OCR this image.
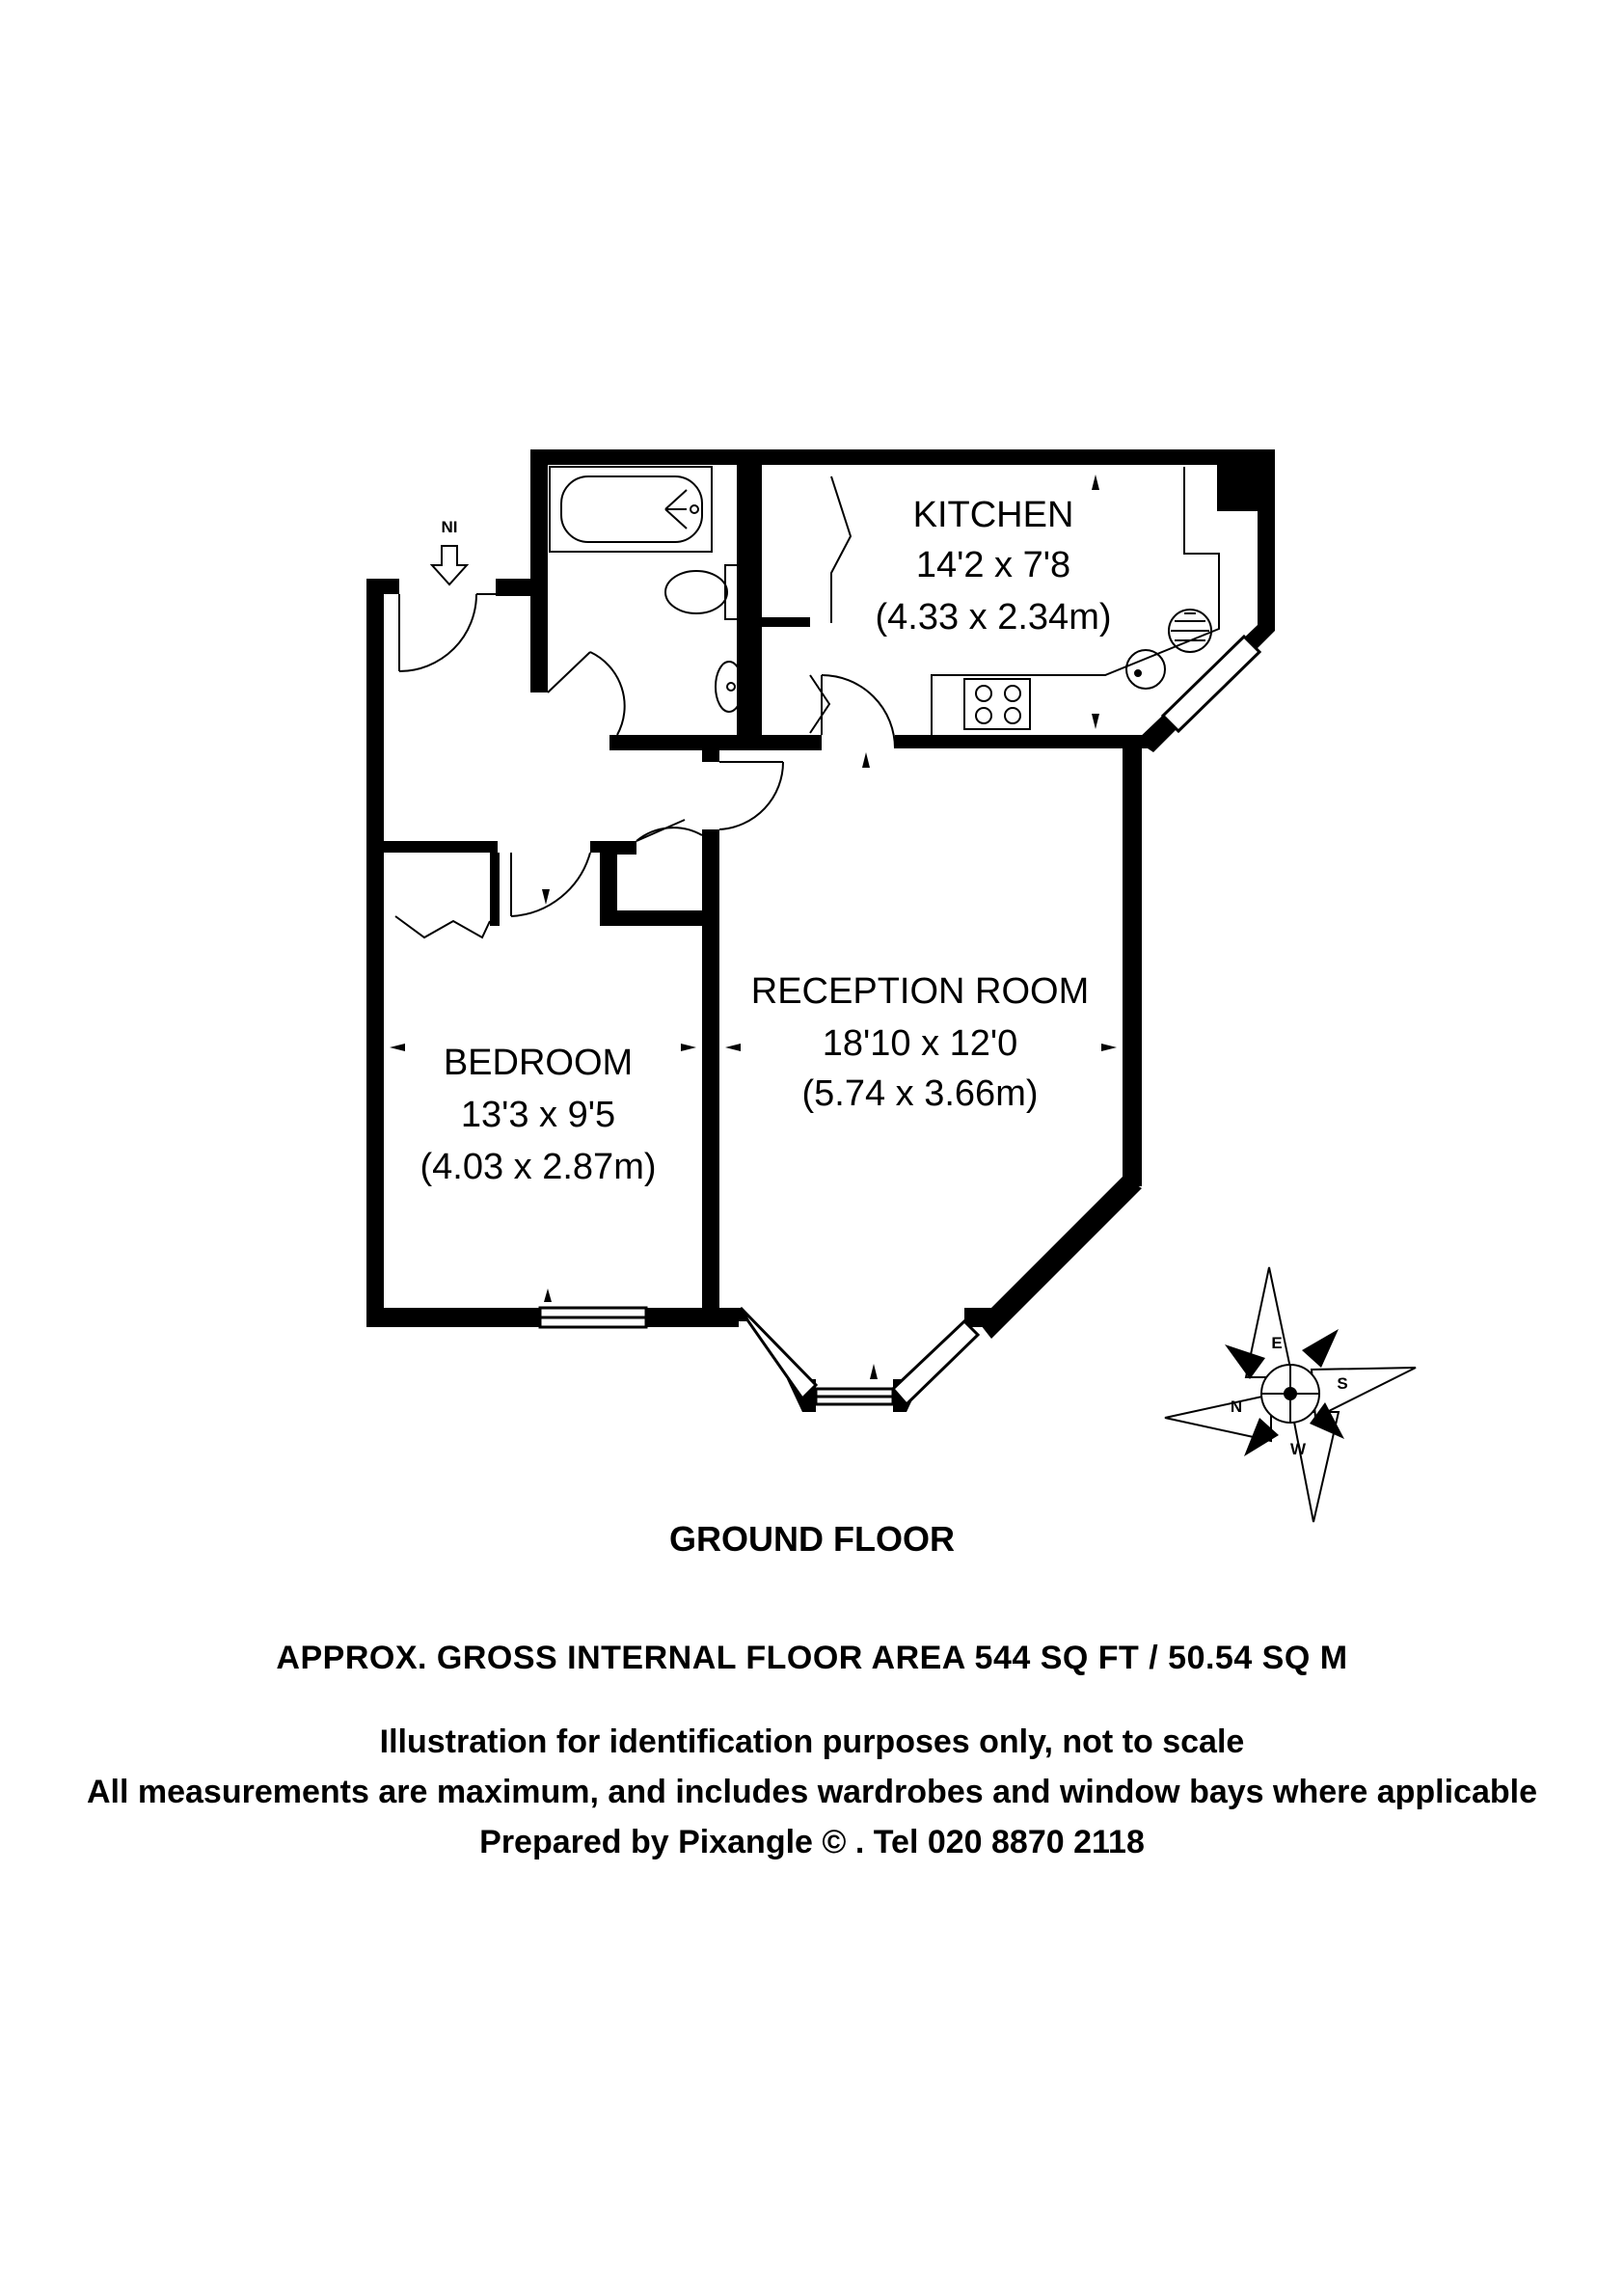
NI	KITCHEN
14'2 x 7'8
(4.33 x 2.34m)
RECEPTION ROOM
18'10 x 12'0
(5.74 x 3.66m)
BEDROOM
13'3 x 9'5
(4.03 x 2.87m)
E
S
W
N
GROUND FLOOR
APPROX. GROSS INTERNAL FLOOR AREA 544 SQ FT / 50.54 SQ M
Illustration for identification purposes only, not to scale
All measurements are maximum, and includes wardrobes and window bays where applicable
Prepared by Pixangle © . Tel 020 8870 2118
